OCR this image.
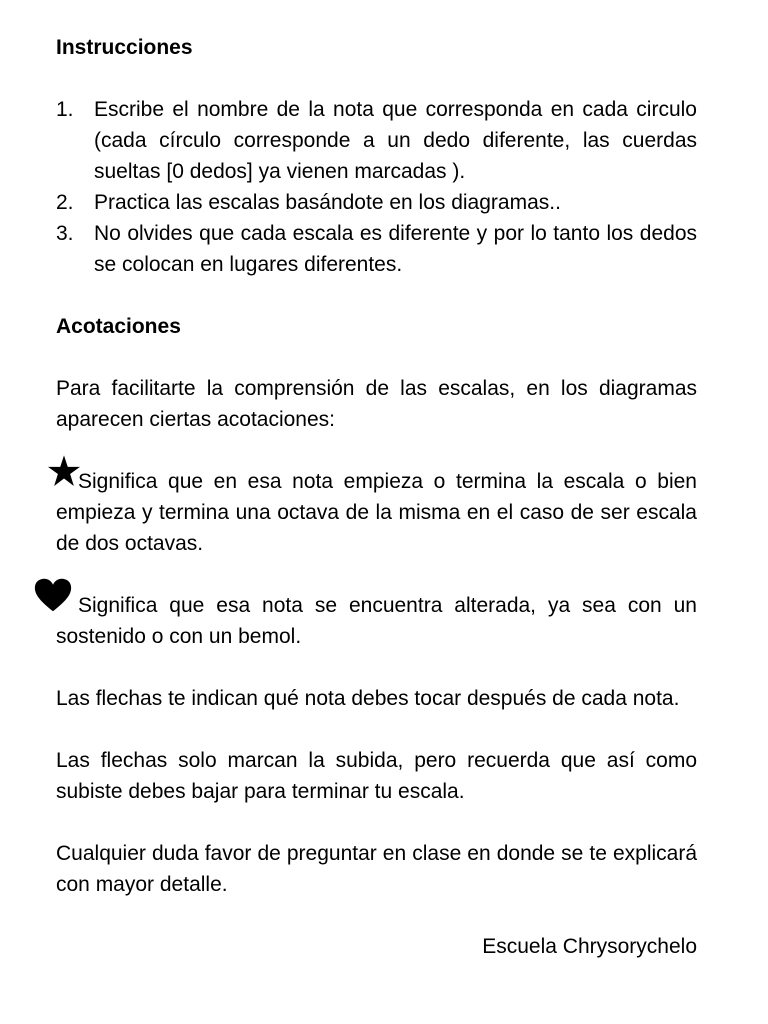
Instrucciones
1. Escribe el nombre de la nota que corresponda en cada circulo (cada círculo corresponde a un dedo diferente, las cuerdas sueltas [0 dedos] ya vienen marcadas ).
2. Practica las escalas basándote en los diagramas..
3. No olvides que cada escala es diferente y por lo tanto los dedos se colocan en lugares diferentes.
Acotaciones

Para facilitarte la comprensión de las escalas, en los diagramas aparecen ciertas acotaciones:

Significa que en esa nota empieza o termina la escala o bien empieza y termina una octava de la misma en el caso de ser escala de dos octavas.

Significa que esa nota se encuentra alterada, ya sea con un sostenido o con un bemol.

Las flechas te indican qué nota debes tocar después de cada nota.

Las flechas solo marcan la subida, pero recuerda que así como subiste debes bajar para terminar tu escala.

Cualquier duda favor de preguntar en clase en donde se te explicará con mayor detalle.

Escuela Chrysorychelo
